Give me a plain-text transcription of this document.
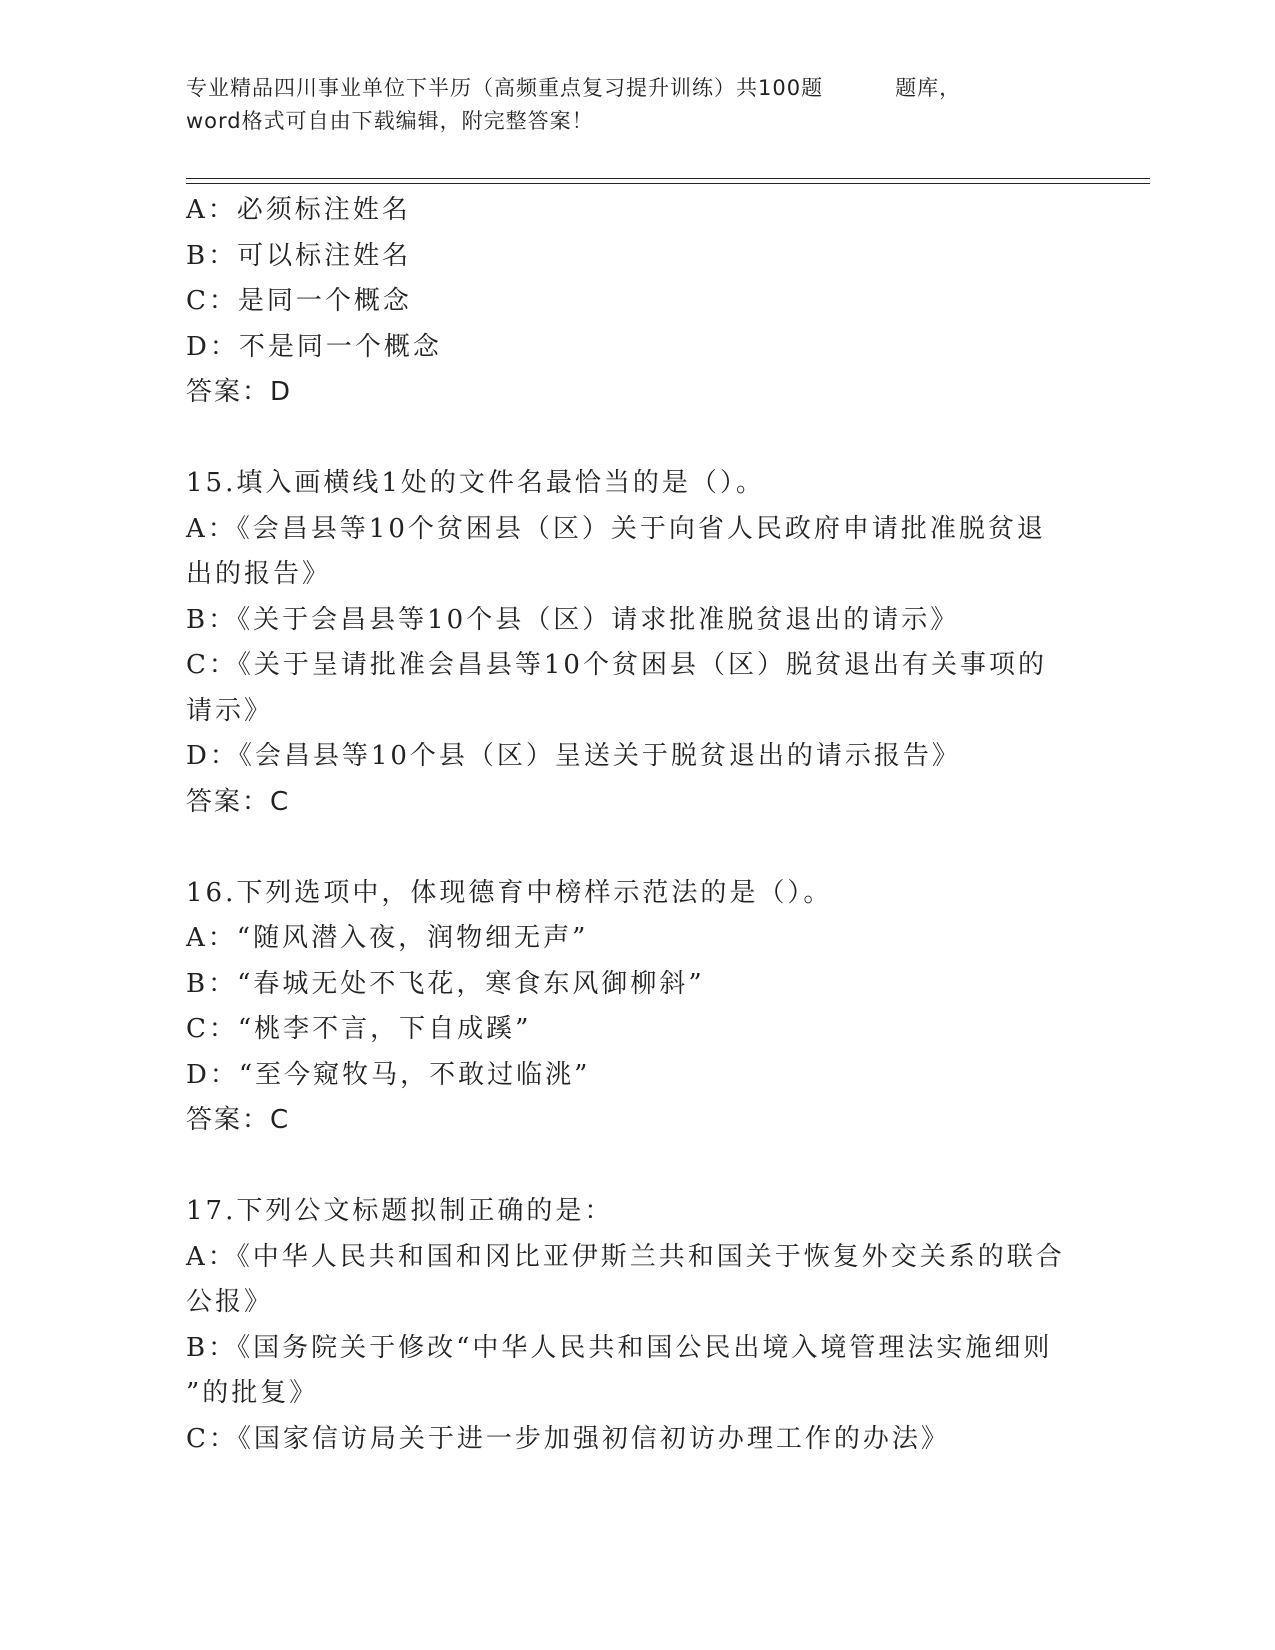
专业精品四川事业单位下半历（高频重点复习提升训练）共100题	题库，
word格式可自由下载编辑，附完整答案！
A：必须标注姓名
B：可以标注姓名
C：是同一个概念
D：不是同一个概念
答案：D
15.填入画横线1处的文件名最恰当的是（）。
A：《会昌县等10个贫困县（区）关于向省人民政府申请批准脱贫退
出的报告》
B：《关于会昌县等10个县（区）请求批准脱贫退出的请示》
C：《关于呈请批准会昌县等10个贫困县（区）脱贫退出有关事项的
请示》
D：《会昌县等10个县（区）呈送关于脱贫退出的请示报告》
答案：C
16.下列选项中，体现德育中榜样示范法的是（）。
A：“随风潜入夜，润物细无声”
B：“春城无处不飞花，寒食东风御柳斜”
C：“桃李不言，下自成蹊”
D：“至今窥牧马，不敢过临洮”
答案：C
17.下列公文标题拟制正确的是：
A：《中华人民共和国和冈比亚伊斯兰共和国关于恢复外交关系的联合
公报》
B：《国务院关于修改“中华人民共和国公民出境入境管理法实施细则
”的批复》
C：《国家信访局关于进一步加强初信初访办理工作的办法》
